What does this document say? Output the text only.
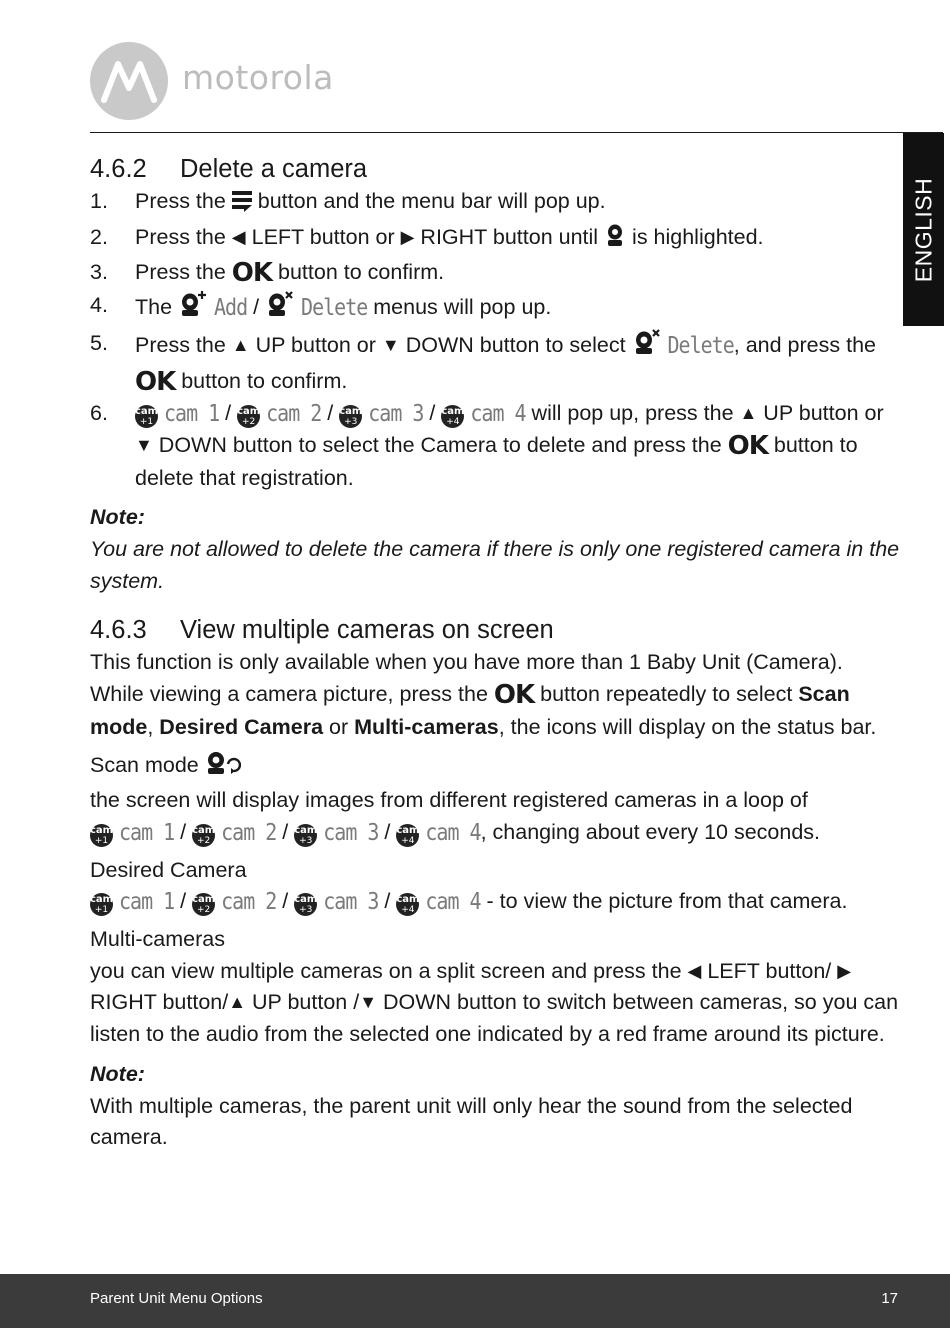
motorola
ENGLISH
4.6.2 Delete a camera
1. Press the  button and the menu bar will pop up.
2. Press the ◀ LEFT button or ▶ RIGHT button until  is highlighted.
3. Press the OK button to confirm.
4. The  Add /  Delete menus will pop up.
5. Press the ▲ UP button or ▼ DOWN button to select  Delete, and press the OK button to confirm.
6.	cam
+1 cam 1 / cam
+2 cam 2 / cam
+3 cam 3 / cam
+4 cam 4 will pop up, press the ▲ UP button or ▼ DOWN button to select the Camera to delete and press the OK button to delete that registration.
Note:
You are not allowed to delete the camera if there is only one registered camera in the system.
4.6.3 View multiple cameras on screen
This function is only available when you have more than 1 Baby Unit (Camera).
While viewing a camera picture, press the OK button repeatedly to select Scan mode, Desired Camera or Multi-cameras, the icons will display on the status bar.
Scan mode
the screen will display images from different registered cameras in a loop of

cam
+1 cam 1 / cam
+2 cam 2 / cam
+3 cam 3 / cam
+4 cam 4, changing about every 10 seconds.
Desired Camera
cam
+1 cam 1 / cam
+2 cam 2 / cam
+3 cam 3 / cam
+4 cam 4 - to view the picture from that camera.
Multi-cameras
you can view multiple cameras on a split screen and press the ◀ LEFT button/ ▶ RIGHT button/▲ UP button /▼ DOWN button to switch between cameras, so you can listen to the audio from the selected one indicated by a red frame around its picture.
Note:
With multiple cameras, the parent unit will only hear the sound from the selected camera.
Parent Unit Menu Options	17
